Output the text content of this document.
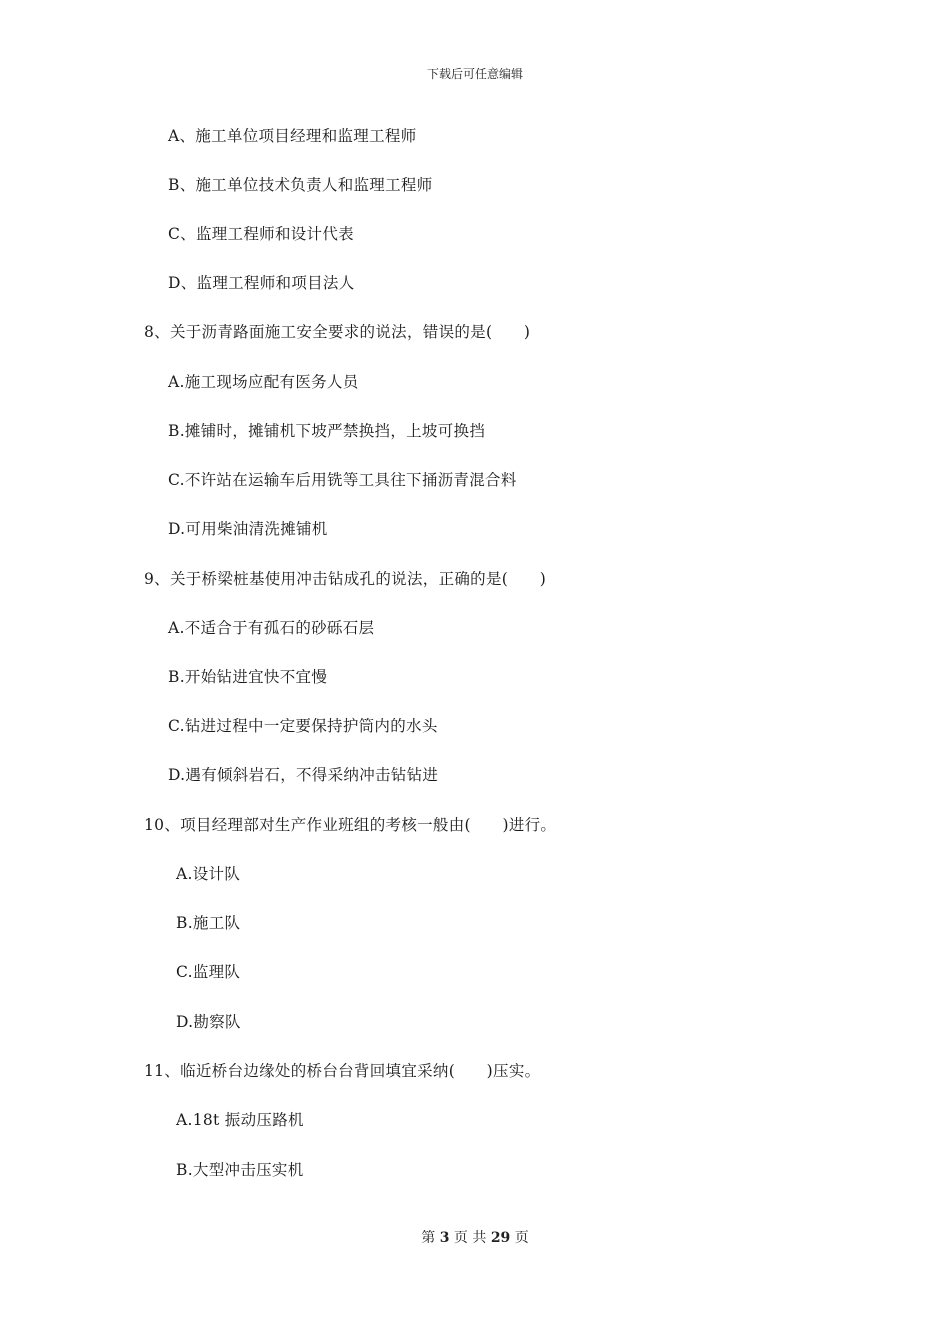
下载后可任意编辑
A、施工单位项目经理和监理工程师
B、施工单位技术负责人和监理工程师
C、监理工程师和设计代表
D、监理工程师和项目法人
8、关于沥青路面施工安全要求的说法，错误的是(　　)
A.施工现场应配有医务人员
B.摊铺时，摊铺机下坡严禁换挡，上坡可换挡
C.不许站在运输车后用铣等工具往下捅沥青混合料
D.可用柴油清洗摊铺机
9、关于桥梁桩基使用冲击钻成孔的说法，正确的是(　　)
A.不适合于有孤石的砂砾石层
B.开始钻进宜快不宜慢
C.钻进过程中一定要保持护筒内的水头
D.遇有倾斜岩石，不得采纳冲击钻钻进
10、项目经理部对生产作业班组的考核一般由(　　)进行。
A.设计队
B.施工队
C.监理队
D.勘察队
11、临近桥台边缘处的桥台台背回填宜采纳(　　)压实。
A.18t 振动压路机
B.大型冲击压实机
第 3 页 共 29 页
